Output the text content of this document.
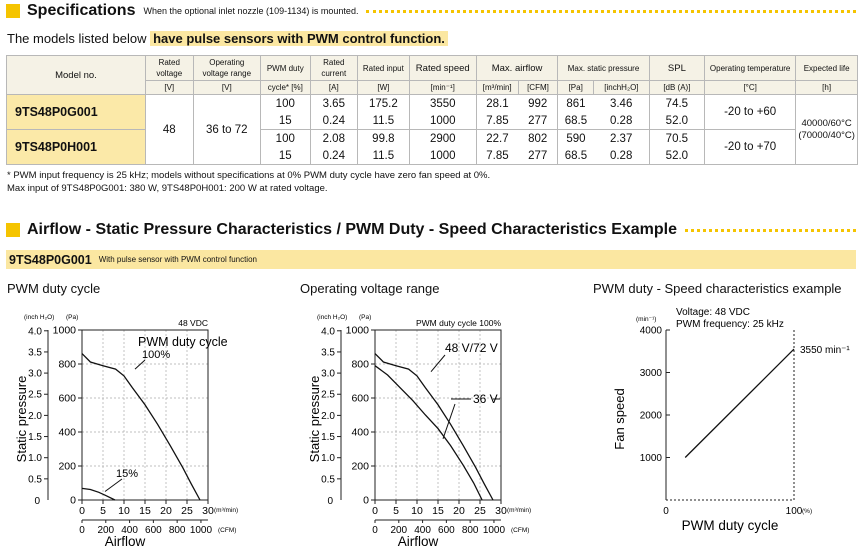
Specifications When the optional inlet nozzle (109-1134) is mounted.
The models listed below have pulse sensors with PWM control function.
Model no.	Rated voltage	Operating voltage range	PWM duty	Rated current	Rated input	Rated speed	Max. airflow		Max. static pressure		SPL	Operating temperature	Expected life
	[V]	[V]	cycle* [%]	[A]	[W]	[min⁻¹]	[m³/min]	[CFM]	[Pa]	[inchH₂O]	[dB (A)]	[°C]	[h]
9TS48P0G001	48	36 to 72	100	3.65	175.2	3550	28.1	992	861	3.46	74.5	-20 to +60	40000/60°C
(70000/40°C)
			15	0.24	11.5	1000	7.85	277	68.5	0.28	52.0		
9TS48P0H001			100	2.08	99.8	2900	22.7	802	590	2.37	70.5	-20 to +70	
			15	0.24	11.5	1000	7.85	277	68.5	0.28	52.0		
* PWM input frequency is 25 kHz; models without specifications at 0% PWM duty cycle have zero fan speed at 0%.
Max input of 9TS48P0G001: 380 W, 9TS48P0H001: 200 W at rated voltage.
Airflow - Static Pressure Characteristics / PWM Duty - Speed Characteristics Example
9TS48P0G001 With pulse sensor with PWM control function
PWM duty cycle	Operating voltage range	PWM duty - Speed characteristics example
0
200
400
600
800
1000
0.5
1.0
1.5
2.0
2.5
3.0
3.5
4.0
0
(inch H₂O) (Pa)
Static pressure
0 5 10 15 20 25 30 (m³/min)
0 200 400 600 800 1000 (CFM)
Airflow
PWM duty cycle
100%
15%
48 VDC
0
200
400
600
800
1000
0.5
1.0
1.5
2.0
2.5
3.0
3.5
4.0
0
(inch H₂O) (Pa)
Static pressure
0 5 10 15 20 25 30 (m³/min)
0 200 400 600 800 1000 (CFM)
Airflow
48 V/72 V
36 V
PWM duty cycle 100%
1000
2000
3000
4000
0	100 (%)
(min⁻¹)
Fan speed
PWM duty cycle
Voltage: 48 VDC
PWM frequency: 25 kHz
3550 min⁻¹
